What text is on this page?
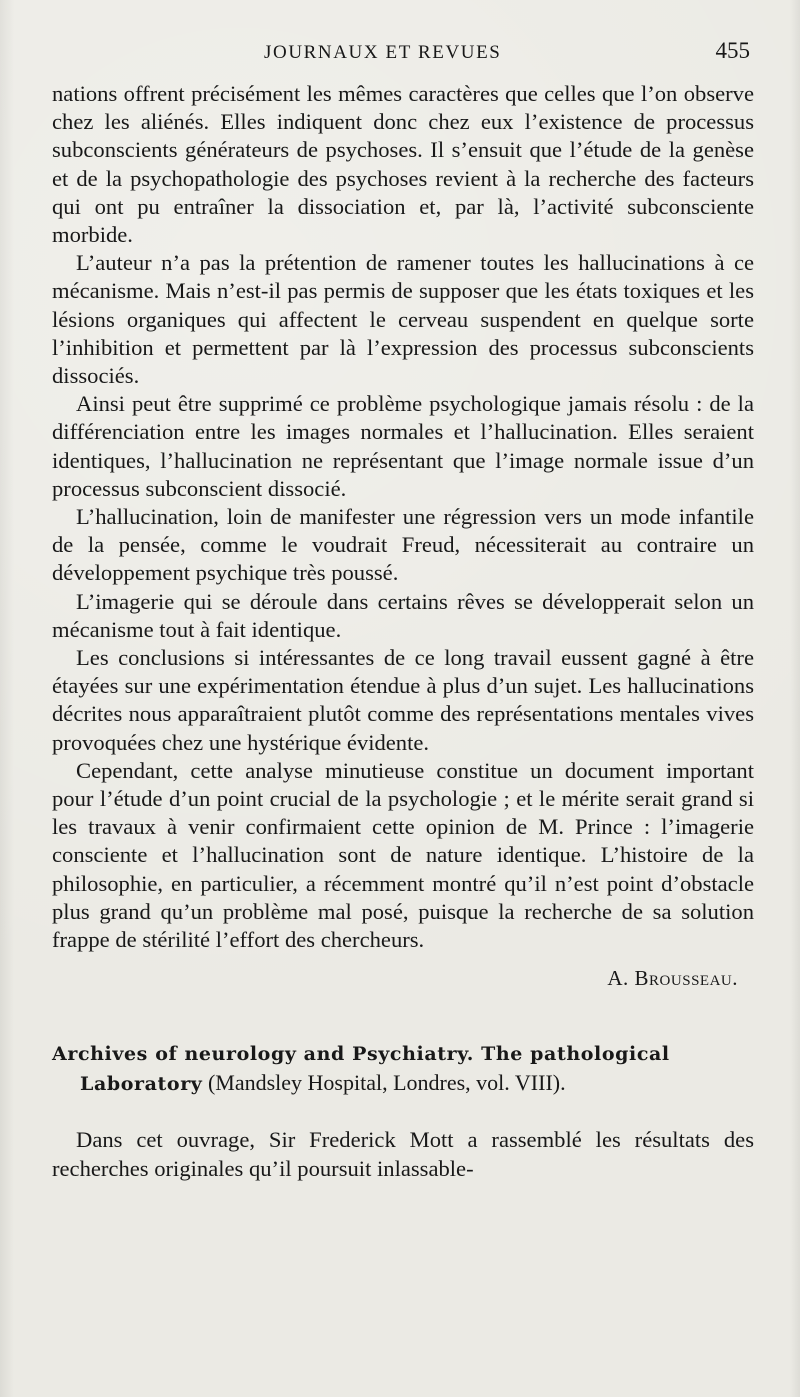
JOURNAUX ET REVUES	455

nations offrent précisément les mêmes caractères que celles que l’on observe chez les aliénés. Elles indiquent donc chez eux l’existence de processus subconscients générateurs de psychoses. Il s’ensuit que l’étude de la genèse et de la psychopathologie des psychoses revient à la recherche des facteurs qui ont pu entraîner la dissociation et, par là, l’activité subconsciente morbide.

L’auteur n’a pas la prétention de ramener toutes les hallucinations à ce mécanisme. Mais n’est-il pas permis de supposer que les états toxiques et les lésions organiques qui affectent le cerveau suspendent en quelque sorte l’inhibition et permettent par là l’expression des processus subconscients dissociés.

Ainsi peut être supprimé ce problème psychologique jamais résolu : de la différenciation entre les images normales et l’hallucination. Elles seraient identiques, l’hallucination ne représentant que l’image normale issue d’un processus subconscient dissocié.

L’hallucination, loin de manifester une régression vers un mode infantile de la pensée, comme le voudrait Freud, nécessiterait au contraire un développement psychique très poussé.

L’imagerie qui se déroule dans certains rêves se développerait selon un mécanisme tout à fait identique.

Les conclusions si intéressantes de ce long travail eussent gagné à être étayées sur une expérimentation étendue à plus d’un sujet. Les hallucinations décrites nous apparaîtraient plutôt comme des représentations mentales vives provoquées chez une hystérique évidente.

Cependant, cette analyse minutieuse constitue un document important pour l’étude d’un point crucial de la psychologie ; et le mérite serait grand si les travaux à venir confirmaient cette opinion de M. Prince : l’imagerie consciente et l’hallucination sont de nature identique. L’histoire de la philosophie, en particulier, a récemment montré qu’il n’est point d’obstacle plus grand qu’un problème mal posé, puisque la recherche de sa solution frappe de stérilité l’effort des chercheurs.

A. Brousseau.
Archives of neurology and Psychiatry. The pathological
Laboratory (Mandsley Hospital, Londres, vol. VIII).

Dans cet ouvrage, Sir Frederick Mott a rassemblé les résultats des recherches originales qu’il poursuit inlassable-
